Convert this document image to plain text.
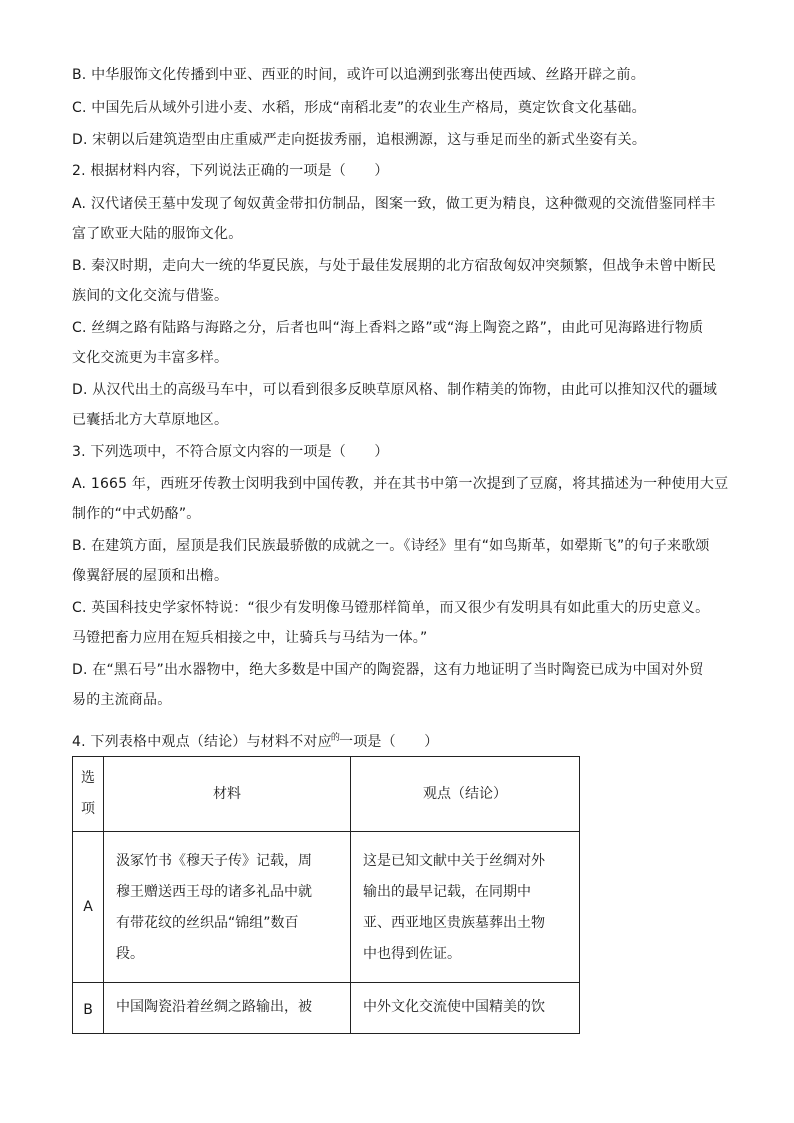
B. 中华服饰文化传播到中亚、西亚的时间，或许可以追溯到张骞出使西域、丝路开辟之前。
C. 中国先后从域外引进小麦、水稻，形成“南稻北麦”的农业生产格局，奠定饮食文化基础。
D. 宋朝以后建筑造型由庄重威严走向挺拔秀丽，追根溯源，这与垂足而坐的新式坐姿有关。
2. 根据材料内容，下列说法正确的一项是（　　）
A. 汉代诸侯王墓中发现了匈奴黄金带扣仿制品，图案一致，做工更为精良，这种微观的交流借鉴同样丰
富了欧亚大陆的服饰文化。
B. 秦汉时期，走向大一统的华夏民族，与处于最佳发展期的北方宿敌匈奴冲突频繁，但战争未曾中断民
族间的文化交流与借鉴。
C. 丝绸之路有陆路与海路之分，后者也叫“海上香料之路”或“海上陶瓷之路”，由此可见海路进行物质
文化交流更为丰富多样。
D. 从汉代出土的高级马车中，可以看到很多反映草原风格、制作精美的饰物，由此可以推知汉代的疆域
已囊括北方大草原地区。
3. 下列选项中，不符合原文内容的一项是（　　）
A. 1665 年，西班牙传教士闵明我到中国传教，并在其书中第一次提到了豆腐，将其描述为一种使用大豆
制作的“中式奶酪”。
B. 在建筑方面，屋顶是我们民族最骄傲的成就之一。《诗经》里有“如鸟斯革，如翚斯飞”的句子来歌颂
像翼舒展的屋顶和出檐。
C. 英国科技史学家怀特说：“很少有发明像马镫那样简单，而又很少有发明具有如此重大的历史意义。
马镫把畜力应用在短兵相接之中，让骑兵与马结为一体。”
D. 在“黑石号”出水器物中，绝大多数是中国产的陶瓷器，这有力地证明了当时陶瓷已成为中国对外贸
易的主流商品。
4. 下列表格中观点（结论）与材料不对应$^的$一项是（　　）
选
项	材料	观点（结论）
A	汲冢竹书《穆天子传》记载，周
穆王赠送西王母的诸多礼品中就
有带花纹的丝织品“锦组”数百
段。	这是已知文献中关于丝绸对外
输出的最早记载，在同期中
亚、西亚地区贵族墓葬出土物
中也得到佐证。

B	中国陶瓷沿着丝绸之路输出，被	中外文化交流使中国精美的饮
